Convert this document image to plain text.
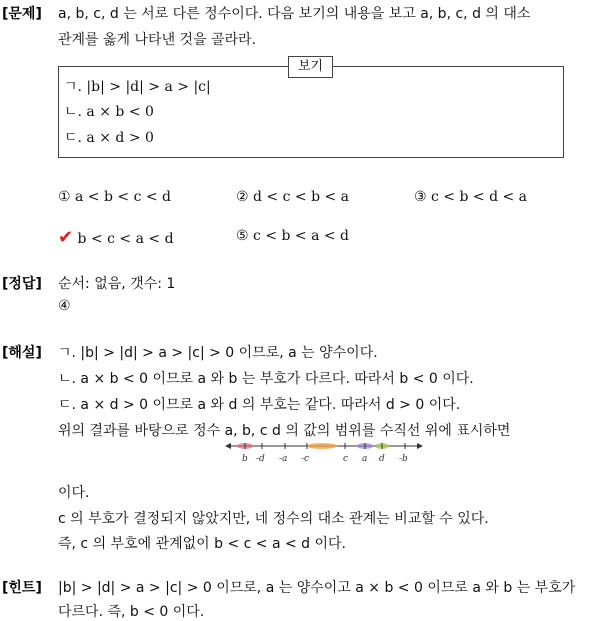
[문제] a, b, c, d 는 서로 다른 정수이다. 다음 보기의 내용을 보고 a, b, c, d 의 대소
관계를 옳게 나타낸 것을 골라라.
보기
ㄱ. |b| > |d| > a > |c|
ㄴ. a × b < 0
ㄷ. a × d > 0
① a < b < c < d	② d < c < b < a	③ c < b < d < a
✔ b < c < a < d	⑤ c < b < a < d
[정답] 순서: 없음, 갯수: 1
④
[해설] ㄱ. |b| > |d| > a > |c| > 0 이므로, a 는 양수이다.
ㄴ. a × b < 0 이므로 a 와 b 는 부호가 다르다. 따라서 b < 0 이다.
ㄷ. a × d > 0 이므로 a 와 d 의 부호는 같다. 따라서 d > 0 이다.
위의 결과를 바탕으로 정수 a, b, c d 의 값의 범위를 수직선 위에 표시하면
b -d -a -c	c a d -b
이다.
c 의 부호가 결정되지 않았지만, 네 정수의 대소 관계는 비교할 수 있다.
즉, c 의 부호에 관계없이 b < c < a < d 이다.
[힌트] |b| > |d| > a > |c| > 0 이므로, a 는 양수이고 a × b < 0 이므로 a 와 b 는 부호가
다르다. 즉, b < 0 이다.
